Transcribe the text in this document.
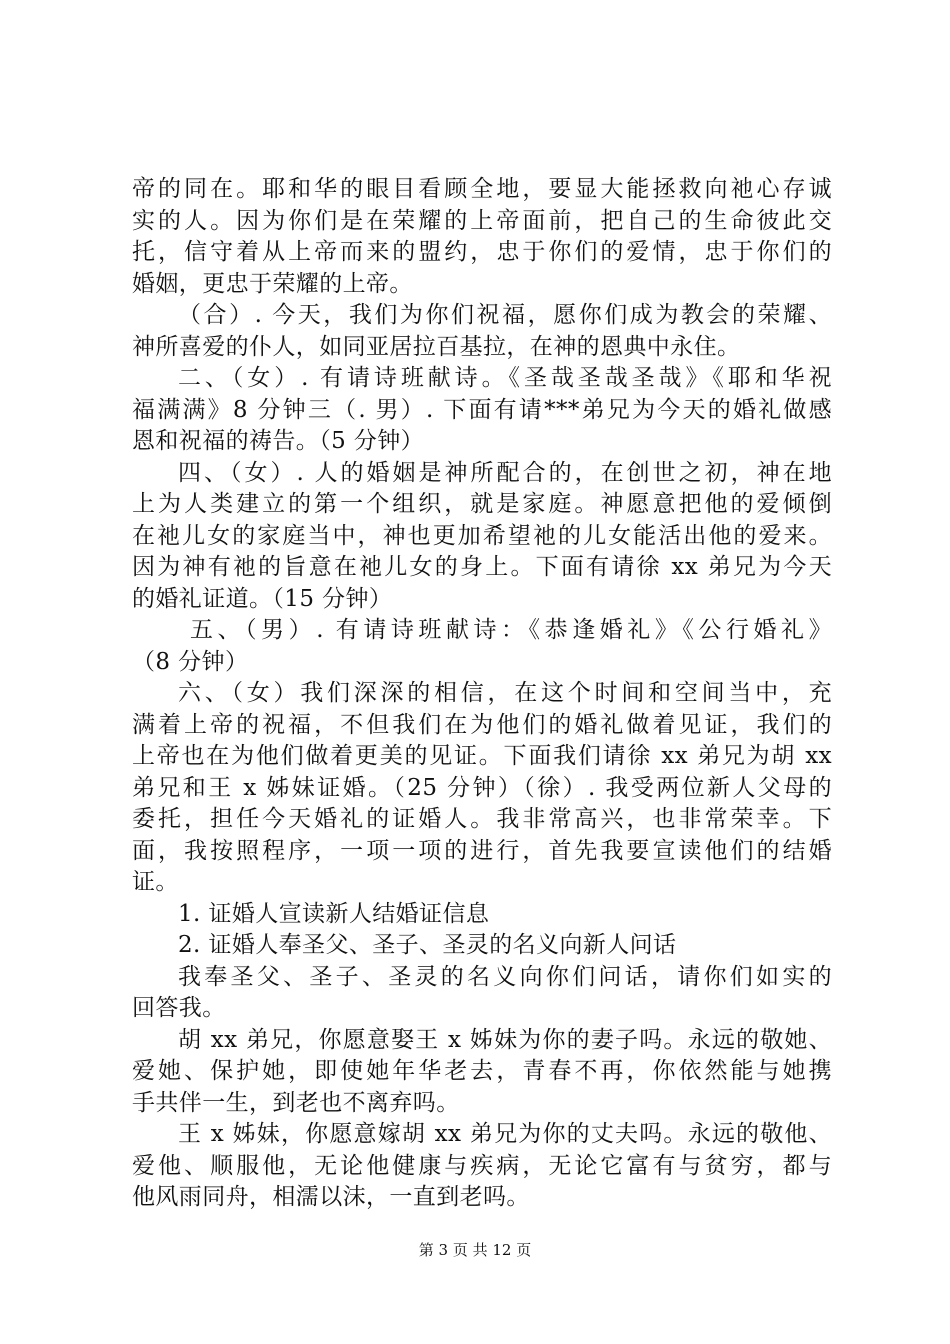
帝的同在。耶和华的眼目看顾全地，要显大能拯救向祂心存诚
实的人。因为你们是在荣耀的上帝面前，把自己的生命彼此交
托，信守着从上帝而来的盟约，忠于你们的爱情，忠于你们的
婚姻，更忠于荣耀的上帝。
（合）. 今天，我们为你们祝福，愿你们成为教会的荣耀、
神所喜爱的仆人，如同亚居拉百基拉，在神的恩典中永住。
二、（女）. 有请诗班献诗。《圣哉圣哉圣哉》《耶和华祝
福满满》8 分钟三（. 男）. 下面有请***弟兄为今天的婚礼做感
恩和祝福的祷告。（5 分钟）
四、（女）. 人的婚姻是神所配合的，在创世之初，神在地
上为人类建立的第一个组织，就是家庭。神愿意把他的爱倾倒
在祂儿女的家庭当中，神也更加希望祂的儿女能活出他的爱来。
因为神有祂的旨意在祂儿女的身上。下面有请徐 xx 弟兄为今天
的婚礼证道。（15 分钟）
五、（男）. 有请诗班献诗：《恭逢婚礼》《公行婚礼》
（8 分钟）
六、（女）我们深深的相信，在这个时间和空间当中，充
满着上帝的祝福，不但我们在为他们的婚礼做着见证，我们的
上帝也在为他们做着更美的见证。下面我们请徐 xx 弟兄为胡 xx
弟兄和王 x 姊妹证婚。（25 分钟）（徐）. 我受两位新人父母的
委托，担任今天婚礼的证婚人。我非常高兴，也非常荣幸。下
面，我按照程序，一项一项的进行，首先我要宣读他们的结婚
证。
1. 证婚人宣读新人结婚证信息
2. 证婚人奉圣父、圣子、圣灵的名义向新人问话
我奉圣父、圣子、圣灵的名义向你们问话，请你们如实的
回答我。
胡 xx 弟兄，你愿意娶王 x 姊妹为你的妻子吗。永远的敬她、
爱她、保护她，即使她年华老去，青春不再，你依然能与她携
手共伴一生，到老也不离弃吗。
王 x 姊妹，你愿意嫁胡 xx 弟兄为你的丈夫吗。永远的敬他、
爱他、顺服他，无论他健康与疾病，无论它富有与贫穷，都与
他风雨同舟，相濡以沫，一直到老吗。
第 3 页 共 12 页
